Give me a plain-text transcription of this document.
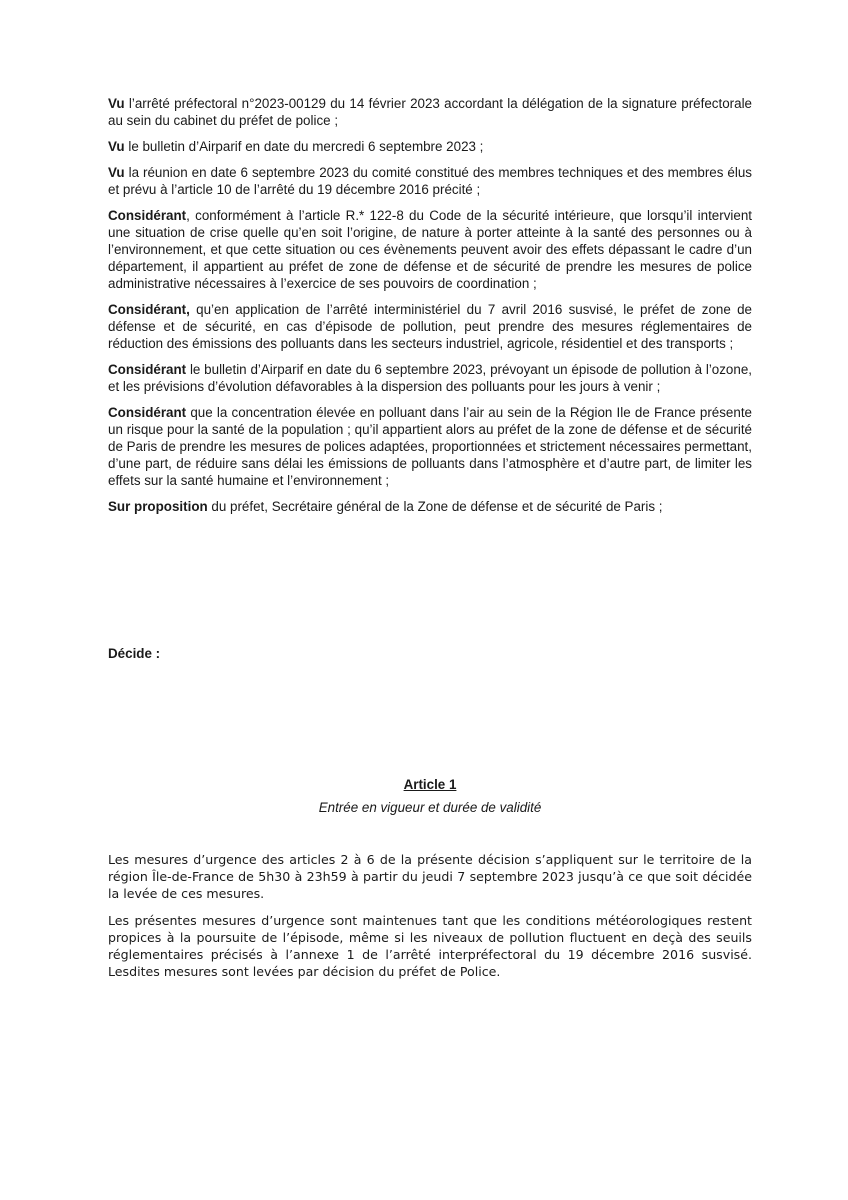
Vu l’arrêté préfectoral n°2023-00129 du 14 février 2023 accordant la délégation de la signature préfectorale au sein du cabinet du préfet de police ;

Vu le bulletin d’Airparif en date du mercredi 6 septembre 2023 ;

Vu la réunion en date 6 septembre 2023 du comité constitué des membres techniques et des membres élus et prévu à l’article 10 de l’arrêté du 19 décembre 2016 précité ;

Considérant, conformément à l’article R.* 122-8 du Code de la sécurité intérieure, que lorsqu’il intervient une situation de crise quelle qu’en soit l’origine, de nature à porter atteinte à la santé des personnes ou à l’environnement, et que cette situation ou ces évènements peuvent avoir des effets dépassant le cadre d’un département, il appartient au préfet de zone de défense et de sécurité de prendre les mesures de police administrative nécessaires à l’exercice de ses pouvoirs de coordination ;

Considérant, qu’en application de l’arrêté interministériel du 7 avril 2016 susvisé, le préfet de zone de défense et de sécurité, en cas d’épisode de pollution, peut prendre des mesures réglementaires de réduction des émissions des polluants dans les secteurs industriel, agricole, résidentiel et des transports ;

Considérant le bulletin d’Airparif en date du 6 septembre 2023, prévoyant un épisode de pollution à l’ozone, et les prévisions d’évolution défavorables à la dispersion des polluants pour les jours à venir ;

Considérant que la concentration élevée en polluant dans l’air au sein de la Région Ile de France présente un risque pour la santé de la population ; qu’il appartient alors au préfet de la zone de défense et de sécurité de Paris de prendre les mesures de polices adaptées, proportionnées et strictement nécessaires permettant, d’une part, de réduire sans délai les émissions de polluants dans l’atmosphère et d’autre part, de limiter les effets sur la santé humaine et l’environnement ;

Sur proposition du préfet, Secrétaire général de la Zone de défense et de sécurité de Paris ;

Décide :

Article 1

Entrée en vigueur et durée de validité

Les mesures d’urgence des articles 2 à 6 de la présente décision s’appliquent sur le territoire de la région Île-de-France de 5h30 à 23h59 à partir du jeudi 7 septembre 2023 jusqu’à ce que soit décidée la levée de ces mesures.

Les présentes mesures d’urgence sont maintenues tant que les conditions météorologiques restent propices à la poursuite de l’épisode, même si les niveaux de pollution fluctuent en deçà des seuils réglementaires précisés à l’annexe 1 de l’arrêté interpréfectoral du 19 décembre 2016 susvisé. Lesdites mesures sont levées par décision du préfet de Police.
